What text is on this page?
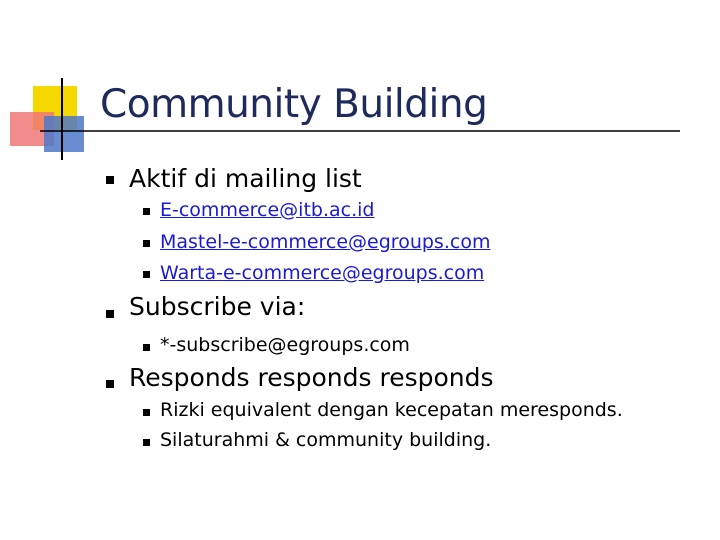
Community Building
Aktif di mailing list
E-commerce@itb.ac.id
Mastel-e-commerce@egroups.com
Warta-e-commerce@egroups.com
Subscribe via:
*-subscribe@egroups.com
Responds responds responds
Rizki equivalent dengan kecepatan meresponds.
Silaturahmi & community building.
